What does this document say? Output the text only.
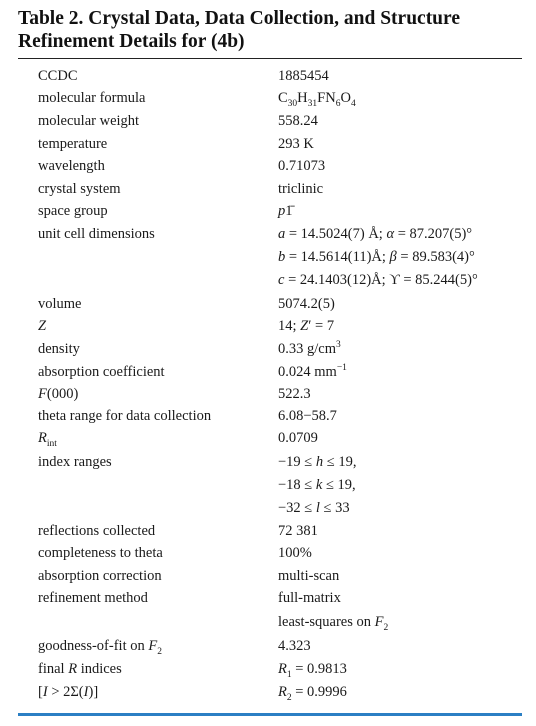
Table 2. Crystal Data, Data Collection, and Structure Refinement Details for (4b)
CCDC	1885454
molecular formula	$C_{30}H_{31}FN_6O_4$
molecular weight	558.24
temperature	293 K
wavelength	0.71073
crystal system	triclinic
space group	p1̄
unit cell dimensions	a = 14.5024(7) Å; α = 87.207(5)°
b = 14.5614(11)Å; β = 89.583(4)°
c = 24.1403(12)Å; ϒ = 85.244(5)°
volume	5074.2(5)
Z	14; Z′ = 7
density	0.33 $g/cm^3$
absorption coefficient	0.024 $mm^{-1}$
F(000)	522.3
theta range for data collection	6.08−58.7
$R_{int}$	0.0709
index ranges	−19 ≤ h ≤ 19,
−18 ≤ k ≤ 19,
−32 ≤ l ≤ 33
reflections collected	72 381
completeness to theta	100%
absorption correction	multi-scan
refinement method	full-matrix
least-squares on $F_2$
goodness-of-fit on $F_2$	4.323
final R indices	$R_1 = 0.9813$
[I > 2Σ(I)]	$R_2 = 0.9996$
